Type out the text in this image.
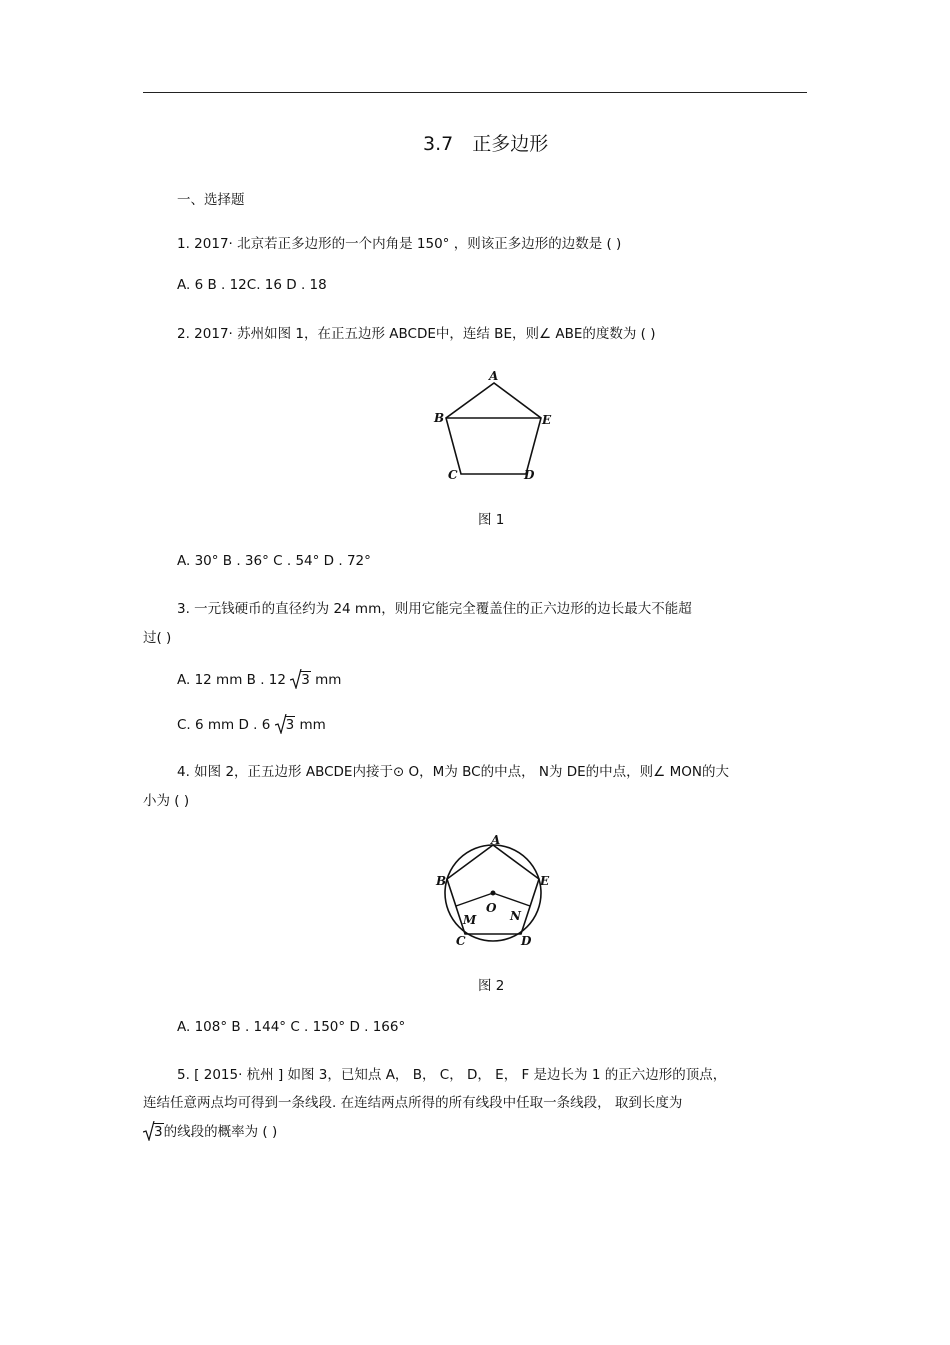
3.7　正多边形
一、选择题
1. 2017· 北京若正多边形的一个内角是 150° ，则该正多边形的边数是 ( )
A. 6 B . 12C. 16 D . 18
2. 2017· 苏州如图 1，在正五边形 ABCDE中，连结 BE，则∠ ABE的度数为 ( )
A
B
C	D
E
图 1
A. 30° B . 36° C . 54° D . 72°
3. 一元钱硬币的直径约为 24 mm，则用它能完全覆盖住的正六边形的边长最大不能超
过( )
A. 12 mm B . 12
3 mm
C. 6 mm D . 6
3 mm
4. 如图 2，正五边形 ABCDE内接于⊙ O，M为 BC的中点， N为 DE的中点，则∠ MON的大
小为 ( )
A
B
C	D
E
M	N
O
图 2
A. 108° B . 144° C . 150° D . 166°
5. [ 2015· 杭州 ] 如图 3，已知点 A， B， C， D， E， F 是边长为 1 的正六边形的顶点，
连结任意两点均可得到一条线段. 在连结两点所得的所有线段中任取一条线段， 取到长度为
3的线段的概率为 ( )
